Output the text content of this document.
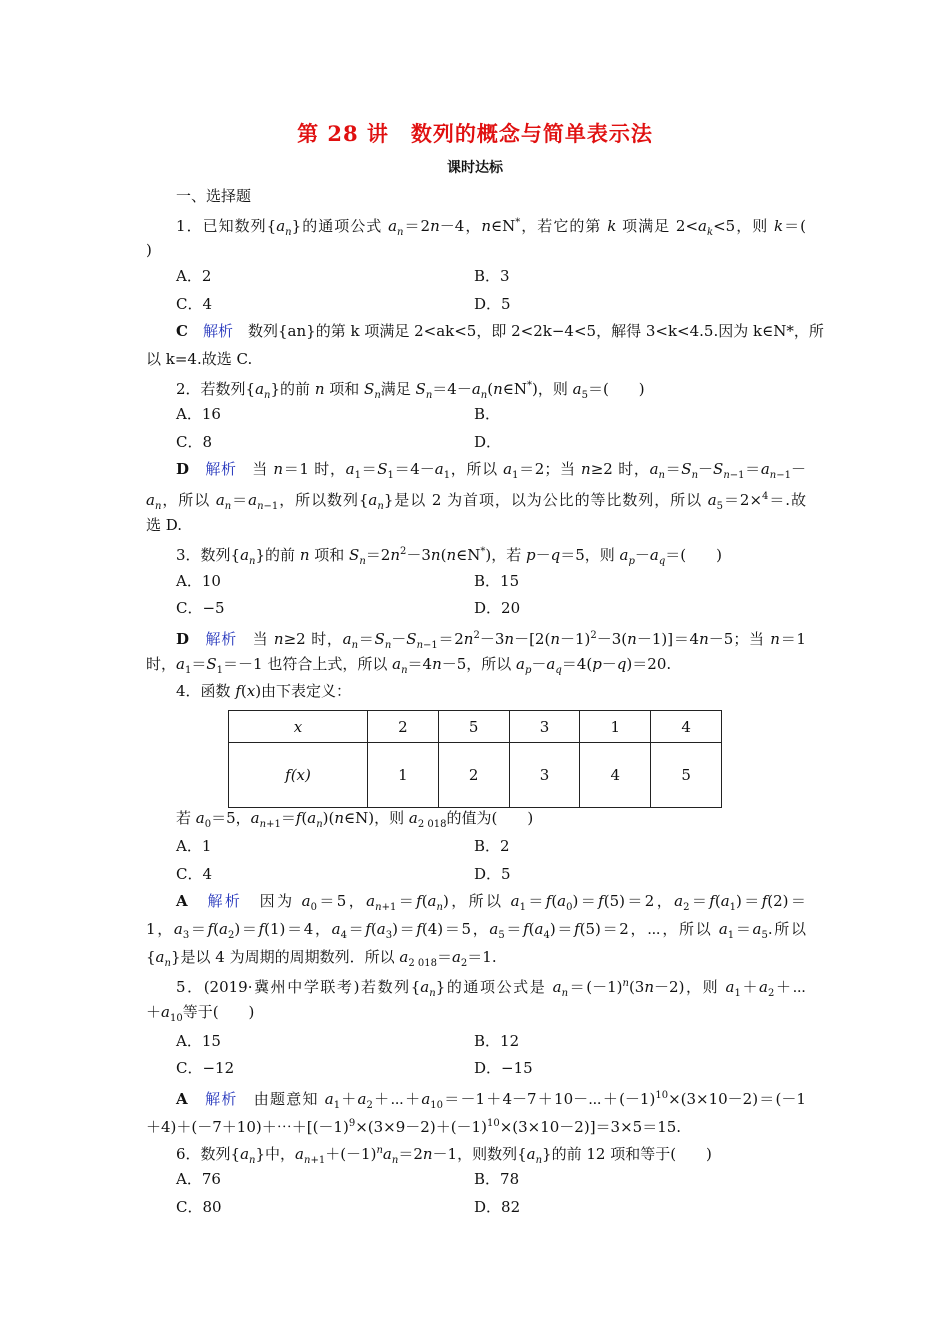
第 28 讲　数列的概念与简单表示法
课时达标
一、选择题
1．已知数列$\{a_n\}$的通项公式 $a_n=2n-4$，n∈N*，若它的第 k 项满足 $2<a_k<5$，则 k＝(
)
A．2	B．3
C．4	D．5
C　 解析　 数列{an}的第 k 项满足 2<ak<5，即 2<2k−4<5，解得 3<k<4.5.因为 k∈N*，所
以 k=4.故选 C.
2．若数列$\{a_n\}$的前 n 项和 $S_n$满足 $S_n=4-a_n(n\in N^*)$，则 $a_5=$(　　)
A．16	B．
C．8	D．
D　 解析　当 n＝1 时，$a_1=S_1=4-a_1$，所以 $a_1=2$；当 n≥2 时，$a_n=S_n-S_{n-1}=a_{n-1}-$
$a_n$，所以 $a_n=a_{n-1}$，所以数列$\{a_n\}$是以 2 为首项，以为公比的等比数列，所以 $a_5=2\times^4=$.故
选 D.
3．数列$\{a_n\}$的前 n 项和 $S_n=2n^2-3n(n\in N^*)$，若 p－q＝5，则 $a_p-a_q=$(　　)
A．10	B．15
C．−5	D．20
D　 解析　当 n≥2 时，$a_n=S_n-S_{n-1}=2n^2-3n-[2(n-1)^2-3(n-1)]=4n-5$；当 n＝1
时，$a_1=S_1=-1$ 也符合上式，所以 $a_n=4n-5$，所以 $a_p-a_q=4(p-q)=20$.
4．函数 f(x)由下表定义：
x	2	5	3	1	4
f(x)	1	2	3	4	5
若 $a_0=5$，$a_{n+1}=f(a_n)(n\in N)$，则 $a_{2 018}$的值为(　　)
A．1	B．2
C．4	D．5
A　 解析　因为 $a_0=5$，$a_{n+1}=f(a_n)$，所以 $a_1=f(a_0)=f(5)=2$，$a_2=f(a_1)=f(2)=$
1，$a_3=f(a_2)=f(1)=4$，$a_4=f(a_3)=f(4)=5$，$a_5=f(a_4)=f(5)=2$，⋯，所以 $a_1=a_5$.所以
$\{a_n\}$是以 4 为周期的周期数列．所以 $a_{2 018}=a_2=1$.
5．(2019·冀州中学联考)若数列$\{a_n\}$的通项公式是 $a_n=(-1)^n(3n-2)$，则 $a_1+a_2+\cdots$
$+a_{10}$等于(　　)
A．15	B．12
C．−12	D．−15
A　 解析　由题意知 $a_1+a_2+\cdots+a_{10}=-1+4-7+10-\cdots+(-1)^{10}\times(3\times 10-2)=(-1$
$+4)+(-7+10)+\cdots+[(-1)^9\times(3\times 9-2)+(-1)^{10}\times(3\times 10-2)]=3\times 5=15$.
6．数列$\{a_n\}$中，$a_{n+1}+(-1)^na_n=2n-1$，则数列$\{a_n\}$的前 12 项和等于(　　)
A．76	B．78
C．80	D．82
